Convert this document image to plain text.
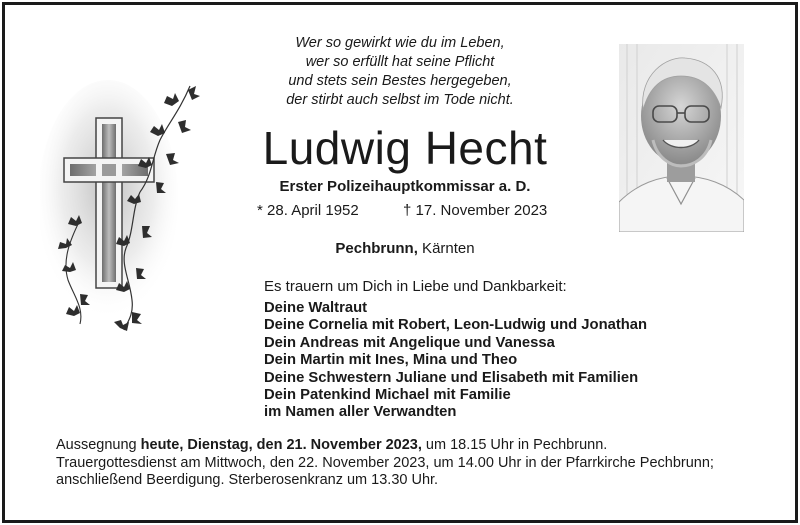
Wer so gewirkt wie du im Leben,
wer so erfüllt hat seine Pflicht
und stets sein Bestes hergegeben,
der stirbt auch selbst im Tode nicht.
Ludwig Hecht
Erster Polizeihauptkommissar a. D.
* 28. April 1952	† 17. November 2023
Pechbrunn, Kärnten
Es trauern um Dich in Liebe und Dankbarkeit:
Deine Waltraut
Deine Cornelia mit Robert, Leon-Ludwig und Jonathan
Dein Andreas mit Angelique und Vanessa
Dein Martin mit Ines, Mina und Theo
Deine Schwestern Juliane und Elisabeth mit Familien
Dein Patenkind Michael mit Familie
im Namen aller Verwandten
Aussegnung heute, Dienstag, den 21. November 2023, um 18.15 Uhr in Pechbrunn.
Trauergottesdienst am Mittwoch, den 22. November 2023, um 14.00 Uhr in der Pfarrkirche Pechbrunn;
anschließend Beerdigung. Sterberosenkranz um 13.30 Uhr.
